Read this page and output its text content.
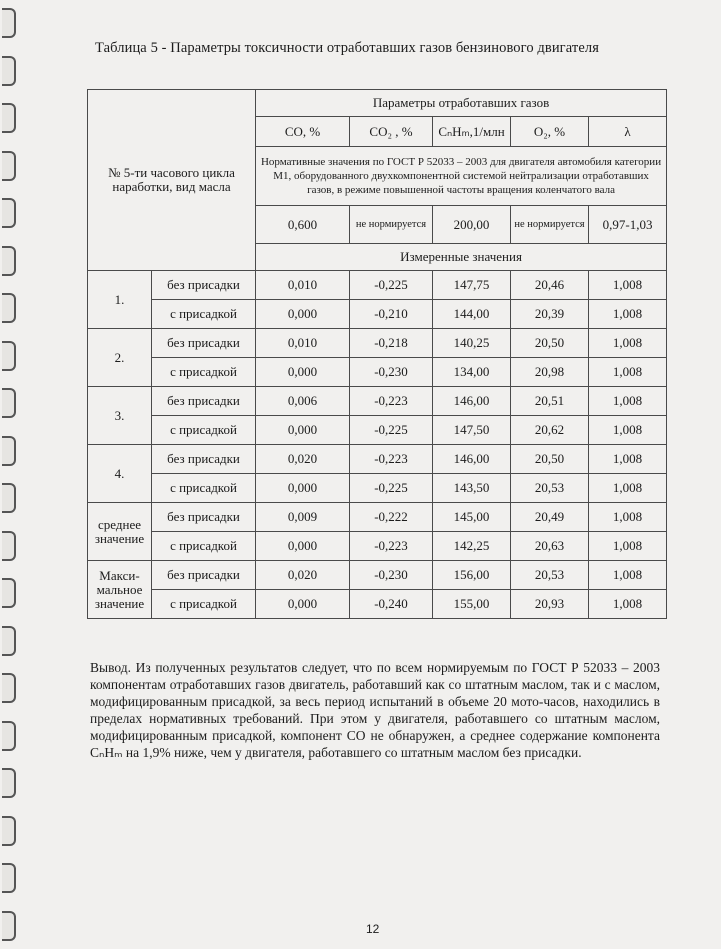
Таблица 5 - Параметры токсичности отработавших газов бензинового двигателя
№ 5-ти часового цикла наработки, вид масла		Параметры отработавших газов				
		CO, %	CO₂ , %	CₙHₘ,1/млн	O₂, %	λ
		Нормативные значения по ГОСТ Р 52033 – 2003 для двигателя автомобиля категории М1, оборудованного двухкомпонентной системой нейтрализации отработавших газов, в режиме повышенной частоты вращения коленчатого вала				
		0,600	не нормируется	200,00	не нормируется	0,97-1,03
		Измеренные значения				
1.	без присадки	0,010	-0,225	147,75	20,46	1,008
	с присадкой	0,000	-0,210	144,00	20,39	1,008
2.	без присадки	0,010	-0,218	140,25	20,50	1,008
	с присадкой	0,000	-0,230	134,00	20,98	1,008
3.	без присадки	0,006	-0,223	146,00	20,51	1,008
	с присадкой	0,000	-0,225	147,50	20,62	1,008
4.	без присадки	0,020	-0,223	146,00	20,50	1,008
	с присадкой	0,000	-0,225	143,50	20,53	1,008
среднее значение	без присадки	0,009	-0,222	145,00	20,49	1,008
	с присадкой	0,000	-0,223	142,25	20,63	1,008
Макси-мальное значение	без присадки	0,020	-0,230	156,00	20,53	1,008
	с присадкой	0,000	-0,240	155,00	20,93	1,008

Вывод. Из полученных результатов следует, что по всем нормируемым по ГОСТ Р 52033 – 2003 компонентам отработавших газов двигатель, работавший как со штатным маслом, так и с маслом, модифицированным присадкой, за весь период испытаний в объеме 20 мото-часов, находились в пределах нормативных требований. При этом у двигателя, работавшего со штатным маслом, модифицированным присадкой, компонент CO не обнаружен, а среднее содержание компонента CₙHₘ на 1,9% ниже, чем у двигателя, работавшего со штатным маслом без присадки.

12
